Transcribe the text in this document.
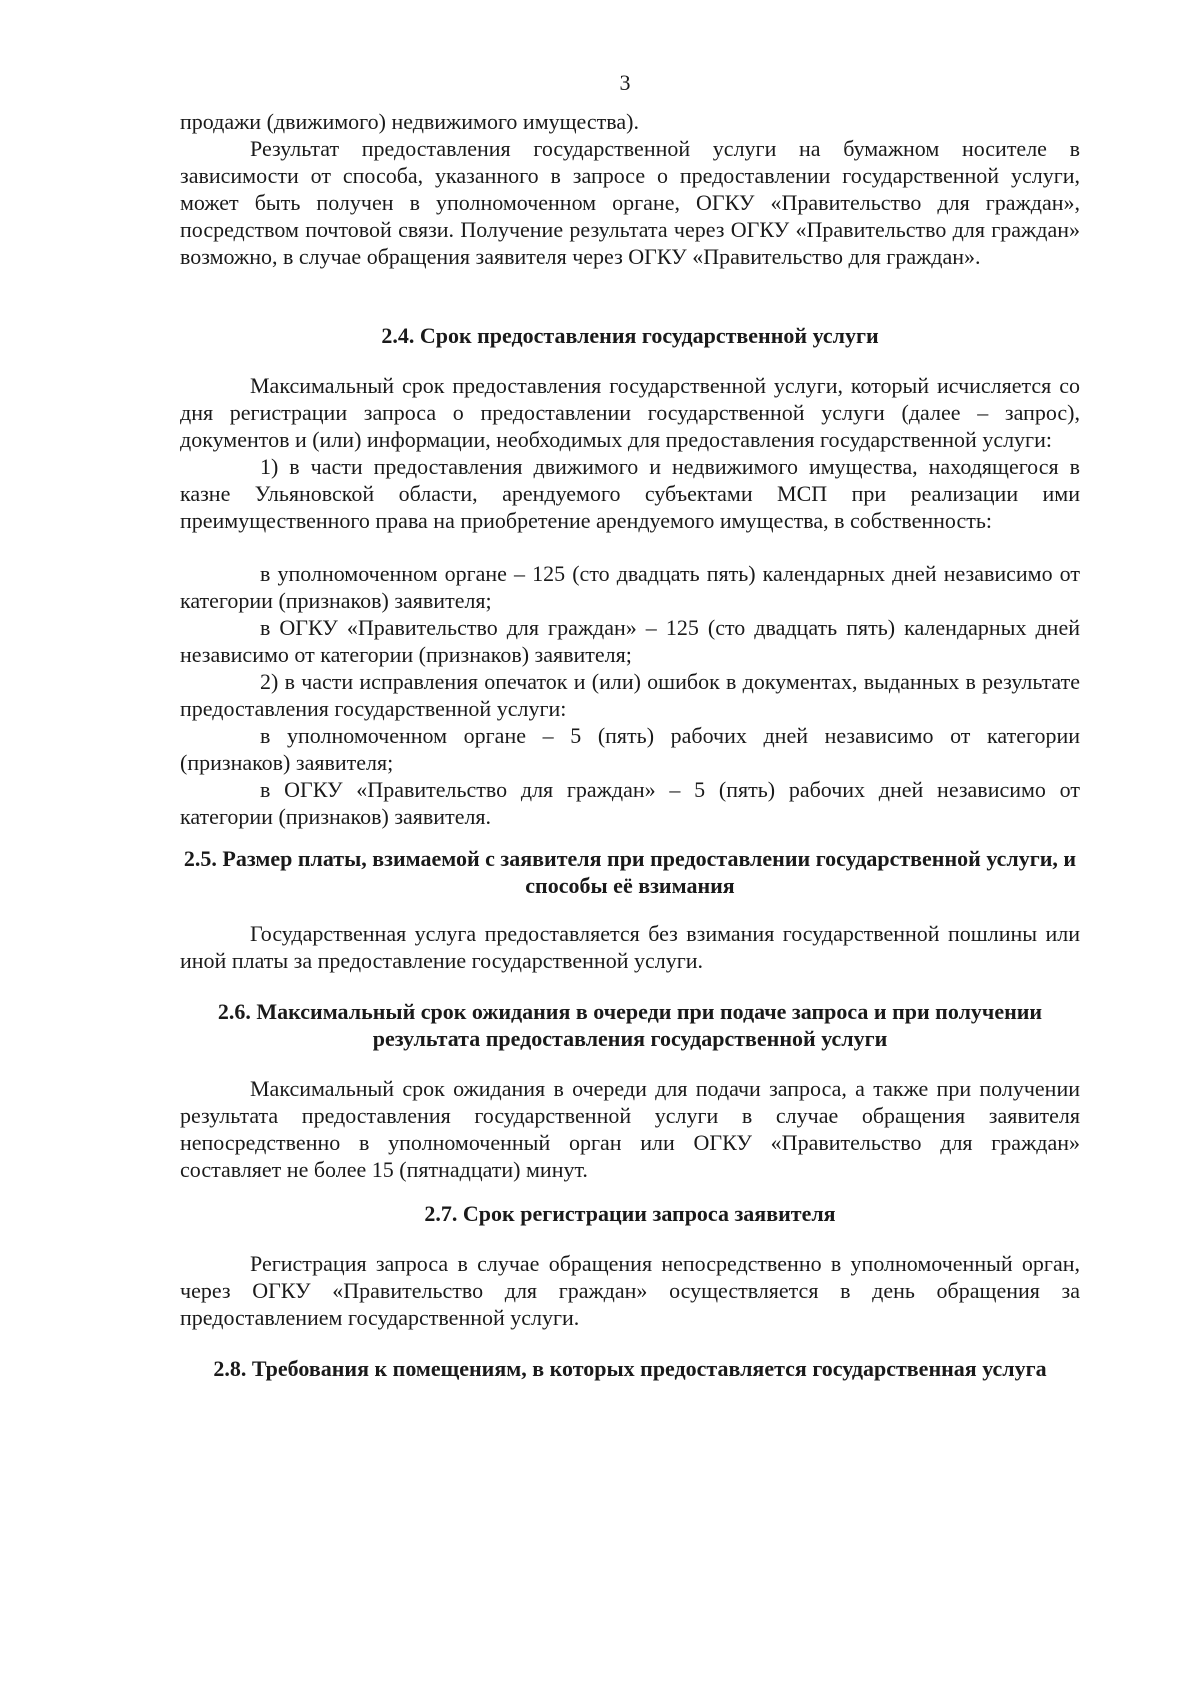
3

продажи (движимого) недвижимого имущества).

Результат предоставления государственной услуги на бумажном носителе в зависимости от способа, указанного в запросе о предоставлении государственной услуги, может быть получен в уполномоченном органе, ОГКУ «Правительство для граждан», посредством почтовой связи. Получение результата через ОГКУ «Правительство для граждан» возможно, в случае обращения заявителя через ОГКУ «Правительство для граждан».

2.4. Срок предоставления государственной услуги

Максимальный срок предоставления государственной услуги, который исчисляется со дня регистрации запроса о предоставлении государственной услуги (далее – запрос), документов и (или) информации, необходимых для предоставления государственной услуги:

1) в части предоставления движимого и недвижимого имущества, находящегося в казне Ульяновской области, арендуемого субъектами МСП при реализации ими преимущественного права на приобретение арендуемого имущества, в собственность:

в уполномоченном органе – 125 (сто двадцать пять) календарных дней независимо от категории (признаков) заявителя;

в ОГКУ «Правительство для граждан» – 125 (сто двадцать пять) календарных дней независимо от категории (признаков) заявителя;

2) в части исправления опечаток и (или) ошибок в документах, выданных в результате предоставления государственной услуги:

в уполномоченном органе – 5 (пять) рабочих дней независимо от категории (признаков) заявителя;

в ОГКУ «Правительство для граждан» – 5 (пять) рабочих дней независимо от категории (признаков) заявителя.

2.5. Размер платы, взимаемой с заявителя при предоставлении государственной услуги, и способы её взимания

Государственная услуга предоставляется без взимания государственной пошлины или иной платы за предоставление государственной услуги.

2.6. Максимальный срок ожидания в очереди при подаче запроса и при получении результата предоставления государственной услуги

Максимальный срок ожидания в очереди для подачи запроса, а также при получении результата предоставления государственной услуги в случае обращения заявителя непосредственно в уполномоченный орган или ОГКУ «Правительство для граждан» составляет не более 15 (пятнадцати) минут.

2.7. Срок регистрации запроса заявителя

Регистрация запроса в случае обращения непосредственно в уполномоченный орган, через ОГКУ «Правительство для граждан» осуществляется в день обращения за предоставлением государственной услуги.

2.8. Требования к помещениям, в которых предоставляется государственная услуга
